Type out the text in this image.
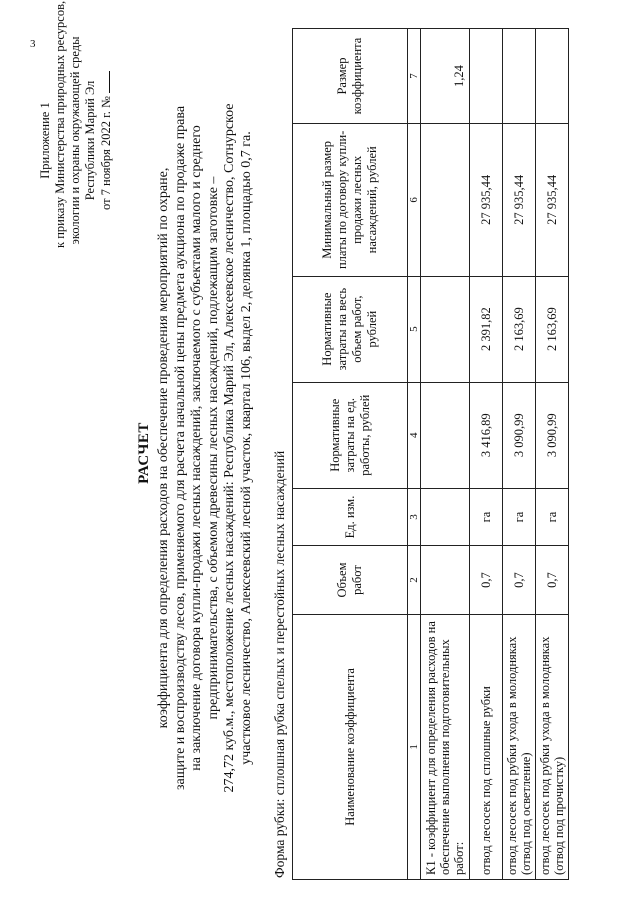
3
Приложение 1 к приказу Министерства природных ресурсов, экологии и охраны окружающей среды Республики Марий Эл от 7 ноября 2022 г. №
РАСЧЕТ коэффициента для определения расходов на обеспечение проведения мероприятий по охране, защите и воспроизводству лесов, применяемого для расчета начальной цены предмета аукциона по продаже права на заключение договора купли-продажи лесных насаждений, заключаемого с субъектами малого и среднего предпринимательства, с объемом древесины лесных насаждений, подлежащим заготовке – 274,72 куб.м., местоположение лесных насаждений: Республика Марий Эл, Алексеевское лесничество, Сотнурское участковое лесничество, Алексеевский лесной участок, квартал 106, выдел 2, делянка 1, площадью 0,7 га. Форма рубки: сплошная рубка спелых и перестойных лесных насаждений	Наименование коэффициента	Объем работ	Ед. изм.	Нормативные затраты на ед. работы, рублей	Нормативные затраты на весь объем работ, рублей	Минимальный размер платы по договору купли-продажи лесных насаждений, рублей	Размер коэффициента
1	2	3	4	5	6	7
К1 - коэффициент для определения расходов на обеспечение выполнения подготовительных работ:						1,24
отвод лесосек под сплошные рубки	0,7	га	3 416,89	2 391,82	27 935,44	
отвод лесосек под рубки ухода в молодняках (отвод под осветление)	0,7	га	3 090,99	2 163,69	27 935,44	
отвод лесосек под рубки ухода в молодняках (отвод под прочистку)	0,7	га	3 090,99	2 163,69	27 935,44	
